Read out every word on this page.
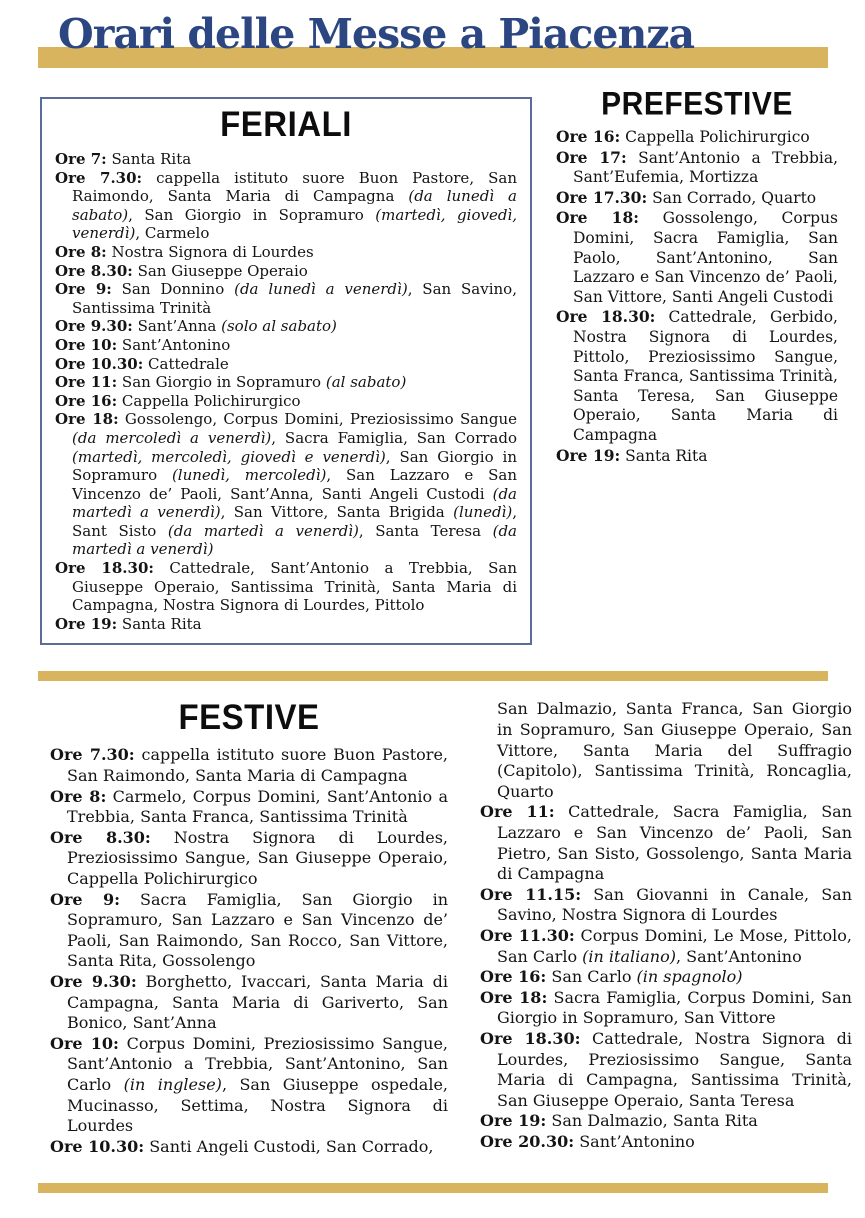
Orari delle Messe a Piacenza
FERIALI

Ore 7: Santa Rita

Ore 7.30: cappella istituto suore Buon Pastore, San Raimondo, Santa Maria di Campagna (da lunedì a sabato), San Giorgio in Sopramuro (martedì, giovedì, venerdì), Carmelo

Ore 8: Nostra Signora di Lourdes

Ore 8.30: San Giuseppe Operaio

Ore 9: San Donnino (da lunedì a venerdì), San Savino, Santissima Trinità

Ore 9.30: Sant’Anna (solo al sabato)

Ore 10: Sant’Antonino

Ore 10.30: Cattedrale

Ore 11: San Giorgio in Sopramuro (al sabato)

Ore 16: Cappella Polichirurgico

Ore 18: Gossolengo, Corpus Domini, Preziosissimo Sangue (da mercoledì a venerdì), Sacra Famiglia, San Corrado (martedì, mercoledì, giovedì e venerdì), San Giorgio in Sopramuro (lunedì, mercoledì), San Lazzaro e San Vincenzo de’ Paoli, Sant’Anna, Santi Angeli Custodi (da martedì a venerdì), San Vittore, Santa Brigida (lunedì), Sant Sisto (da martedì a venerdì), Santa Teresa (da martedì a venerdì)

Ore 18.30: Cattedrale, Sant’Antonio a Trebbia, San Giuseppe Operaio, Santissima Trinità, Santa Maria di Campagna, Nostra Signora di Lourdes, Pittolo

Ore 19: Santa Rita

PREFESTIVE

Ore 16: Cappella Polichirurgico

Ore 17: Sant’Antonio a Trebbia, Sant’Eufemia, Mortizza

Ore 17.30: San Corrado, Quarto

Ore 18: Gossolengo, Corpus Domini, Sacra Famiglia, San Paolo, Sant’Antonino, San Lazzaro e San Vincenzo de’ Paoli, San Vittore, Santi Angeli Custodi

Ore 18.30: Cattedrale, Gerbido, Nostra Signora di Lourdes, Pittolo, Preziosissimo Sangue, Santa Franca, Santissima Trinità, Santa Teresa, San Giuseppe Operaio, Santa Maria di Campagna

Ore 19: Santa Rita

FESTIVE

Ore 7.30: cappella istituto suore Buon Pastore, San Raimondo, Santa Maria di Campagna

Ore 8: Carmelo, Corpus Domini, Sant’Antonio a Trebbia, Santa Franca, Santissima Trinità

Ore 8.30: Nostra Signora di Lourdes, Preziosissimo Sangue, San Giuseppe Operaio, Cappella Polichirurgico

Ore 9: Sacra Famiglia, San Giorgio in Sopramuro, San Lazzaro e San Vincenzo de’ Paoli, San Raimondo, San Rocco, San Vittore, Santa Rita, Gossolengo

Ore 9.30: Borghetto, Ivaccari, Santa Maria di Campagna, Santa Maria di Gariverto, San Bonico, Sant’Anna

Ore 10: Corpus Domini, Preziosissimo Sangue, Sant’Antonio a Trebbia, Sant’Antonino, San Carlo (in inglese), San Giuseppe ospedale, Mucinasso, Settima, Nostra Signora di Lourdes

Ore 10.30: Santi Angeli Custodi, San Corrado,

San Dalmazio, Santa Franca, San Giorgio in Sopramuro, San Giuseppe Operaio, San Vittore, Santa Maria del Suffragio (Capitolo), Santissima Trinità, Roncaglia, Quarto

Ore 11: Cattedrale, Sacra Famiglia, San Lazzaro e San Vincenzo de’ Paoli, San Pietro, San Sisto, Gossolengo, Santa Maria di Campagna

Ore 11.15: San Giovanni in Canale, San Savino, Nostra Signora di Lourdes

Ore 11.30: Corpus Domini, Le Mose, Pittolo, San Carlo (in italiano), Sant’Antonino

Ore 16: San Carlo (in spagnolo)

Ore 18: Sacra Famiglia, Corpus Domini, San Giorgio in Sopramuro, San Vittore

Ore 18.30: Cattedrale, Nostra Signora di Lourdes, Preziosissimo Sangue, Santa Maria di Campagna, Santissima Trinità, San Giuseppe Operaio, Santa Teresa

Ore 19: San Dalmazio, Santa Rita

Ore 20.30: Sant’Antonino
